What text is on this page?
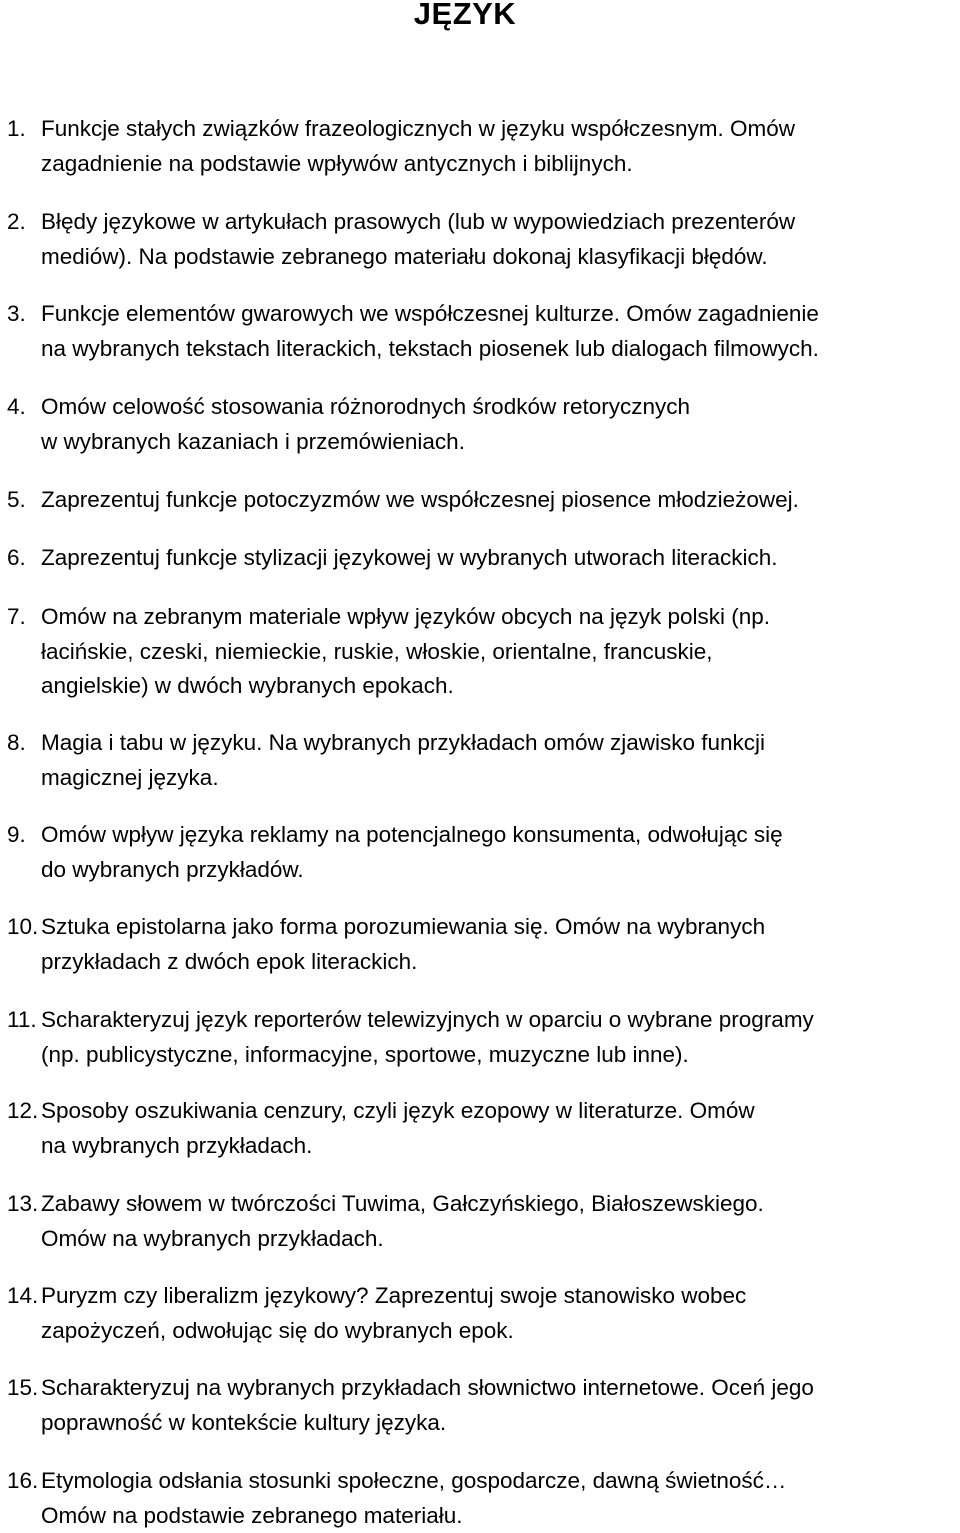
JĘZYK
1. Funkcje stałych związków frazeologicznych w języku współczesnym. Omów
zagadnienie na podstawie wpływów antycznych i biblijnych.
2. Błędy językowe w artykułach prasowych (lub w wypowiedziach prezenterów
mediów). Na podstawie zebranego materiału dokonaj klasyfikacji błędów.
3. Funkcje elementów gwarowych we współczesnej kulturze. Omów zagadnienie
na wybranych tekstach literackich, tekstach piosenek lub dialogach filmowych.
4. Omów celowość stosowania różnorodnych środków retorycznych
w wybranych kazaniach i przemówieniach.
5. Zaprezentuj funkcje potoczyzmów we współczesnej piosence młodzieżowej.
6. Zaprezentuj funkcje stylizacji językowej w wybranych utworach literackich.
7. Omów na zebranym materiale wpływ języków obcych na język polski (np.
łacińskie, czeski, niemieckie, ruskie, włoskie, orientalne, francuskie,
angielskie) w dwóch wybranych epokach.
8. Magia i tabu w języku. Na wybranych przykładach omów zjawisko funkcji
magicznej języka.
9. Omów wpływ języka reklamy na potencjalnego konsumenta, odwołując się
do wybranych przykładów.
10. Sztuka epistolarna jako forma porozumiewania się. Omów na wybranych
przykładach z dwóch epok literackich.
11. Scharakteryzuj język reporterów telewizyjnych w oparciu o wybrane programy
(np. publicystyczne, informacyjne, sportowe, muzyczne lub inne).
12. Sposoby oszukiwania cenzury, czyli język ezopowy w literaturze. Omów
na wybranych przykładach.
13. Zabawy słowem w twórczości Tuwima, Gałczyńskiego, Białoszewskiego.
Omów na wybranych przykładach.
14. Puryzm czy liberalizm językowy? Zaprezentuj swoje stanowisko wobec
zapożyczeń, odwołując się do wybranych epok.
15. Scharakteryzuj na wybranych przykładach słownictwo internetowe. Oceń jego
poprawność w kontekście kultury języka.
16. Etymologia odsłania stosunki społeczne, gospodarcze, dawną świetność…
Omów na podstawie zebranego materiału.
